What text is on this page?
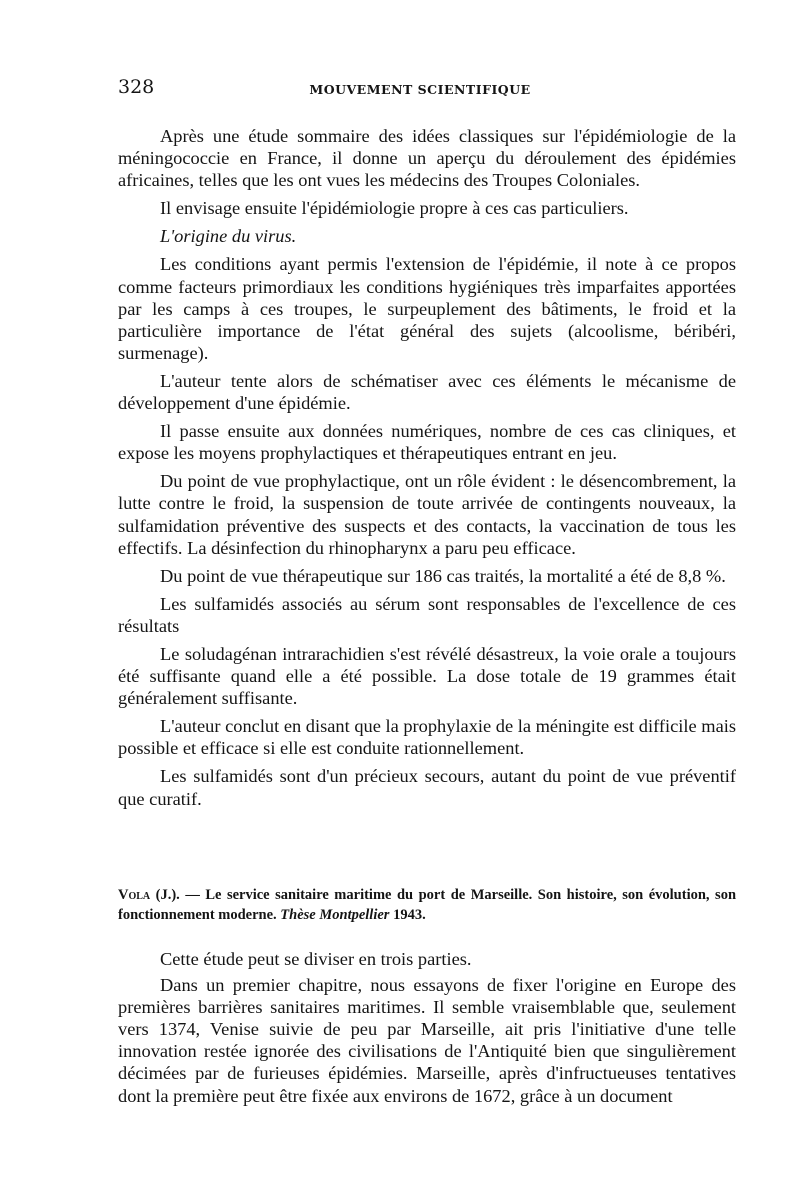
328	MOUVEMENT SCIENTIFIQUE

Après une étude sommaire des idées classiques sur l'épidémiologie de la méningococcie en France, il donne un aperçu du déroulement des épidémies africaines, telles que les ont vues les médecins des Troupes Coloniales.

Il envisage ensuite l'épidémiologie propre à ces cas particuliers.

L'origine du virus.

Les conditions ayant permis l'extension de l'épidémie, il note à ce propos comme facteurs primordiaux les conditions hygiéniques très imparfaites apportées par les camps à ces troupes, le surpeuplement des bâtiments, le froid et la particulière importance de l'état général des sujets (alcoolisme, béribéri, surmenage).

L'auteur tente alors de schématiser avec ces éléments le mécanisme de développement d'une épidémie.

Il passe ensuite aux données numériques, nombre de ces cas cliniques, et expose les moyens prophylactiques et thérapeutiques entrant en jeu.

Du point de vue prophylactique, ont un rôle évident : le désencombrement, la lutte contre le froid, la suspension de toute arrivée de contingents nouveaux, la sulfamidation préventive des suspects et des contacts, la vaccination de tous les effectifs. La désinfection du rhinopharynx a paru peu efficace.

Du point de vue thérapeutique sur 186 cas traités, la mortalité a été de 8,8 %.

Les sulfamidés associés au sérum sont responsables de l'excellence de ces résultats

Le soludagénan intrarachidien s'est révélé désastreux, la voie orale a toujours été suffisante quand elle a été possible. La dose totale de 19 grammes était généralement suffisante.

L'auteur conclut en disant que la prophylaxie de la méningite est difficile mais possible et efficace si elle est conduite rationnellement.

Les sulfamidés sont d'un précieux secours, autant du point de vue préventif que curatif.

Vola (J.). — Le service sanitaire maritime du port de Marseille. Son histoire, son évolution, son fonctionnement moderne. Thèse Montpellier 1943.

Cette étude peut se diviser en trois parties.

Dans un premier chapitre, nous essayons de fixer l'origine en Europe des premières barrières sanitaires maritimes. Il semble vraisemblable que, seulement vers 1374, Venise suivie de peu par Marseille, ait pris l'initiative d'une telle innovation restée ignorée des civilisations de l'Antiquité bien que singulièrement décimées par de furieuses épidémies. Marseille, après d'infructueuses tentatives dont la première peut être fixée aux environs de 1672, grâce à un document
